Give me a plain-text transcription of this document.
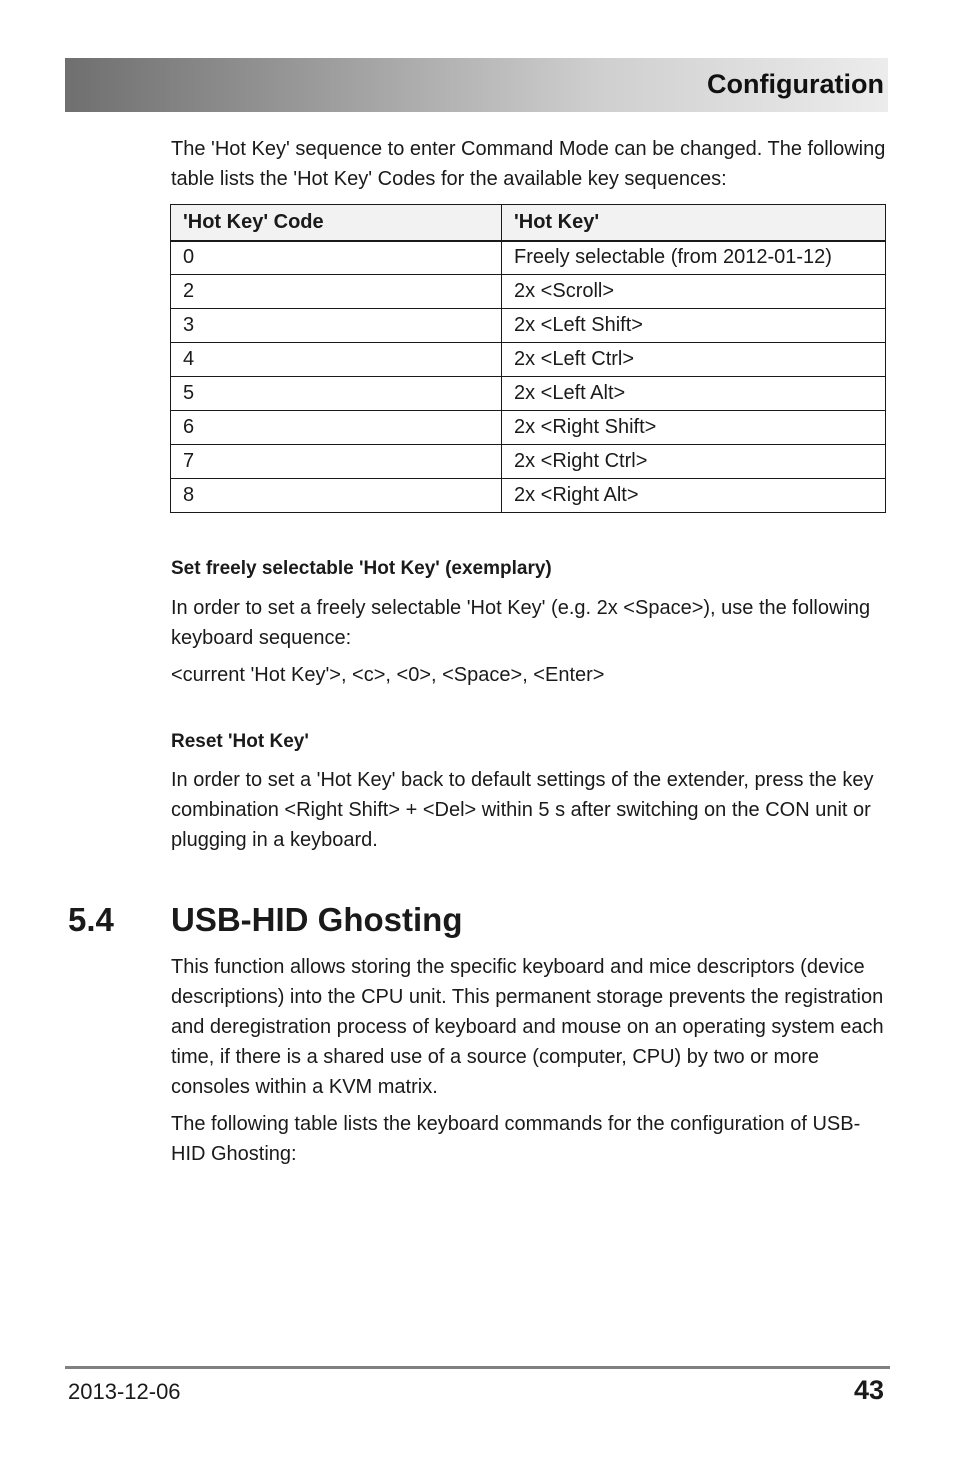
Configuration

The 'Hot Key' sequence to enter Command Mode can be changed. The following table lists the 'Hot Key' Codes for the available key sequences:

'Hot Key' Code	'Hot Key'
0	Freely selectable (from 2012-01-12)
2	2x <Scroll>
3	2x <Left Shift>
4	2x <Left Ctrl>
5	2x <Left Alt>
6	2x <Right Shift>
7	2x <Right Ctrl>
8	2x <Right Alt>
Set freely selectable 'Hot Key' (exemplary)

In order to set a freely selectable 'Hot Key' (e.g. 2x <Space>), use the following keyboard sequence:

<current 'Hot Key'>, <c>, <0>, <Space>, <Enter>

Reset 'Hot Key'

In order to set a 'Hot Key' back to default settings of the extender, press the key combination <Right Shift> + <Del> within 5 s after switching on the CON unit or plugging in a keyboard.

5.4 USB-HID Ghosting

This function allows storing the specific keyboard and mice descriptors (device descriptions) into the CPU unit. This permanent storage prevents the registration and deregistration process of keyboard and mouse on an operating system each time, if there is a shared use of a source (computer, CPU) by two or more consoles within a KVM matrix.

The following table lists the keyboard commands for the configuration of USB-HID Ghosting:

2013-12-06	43
